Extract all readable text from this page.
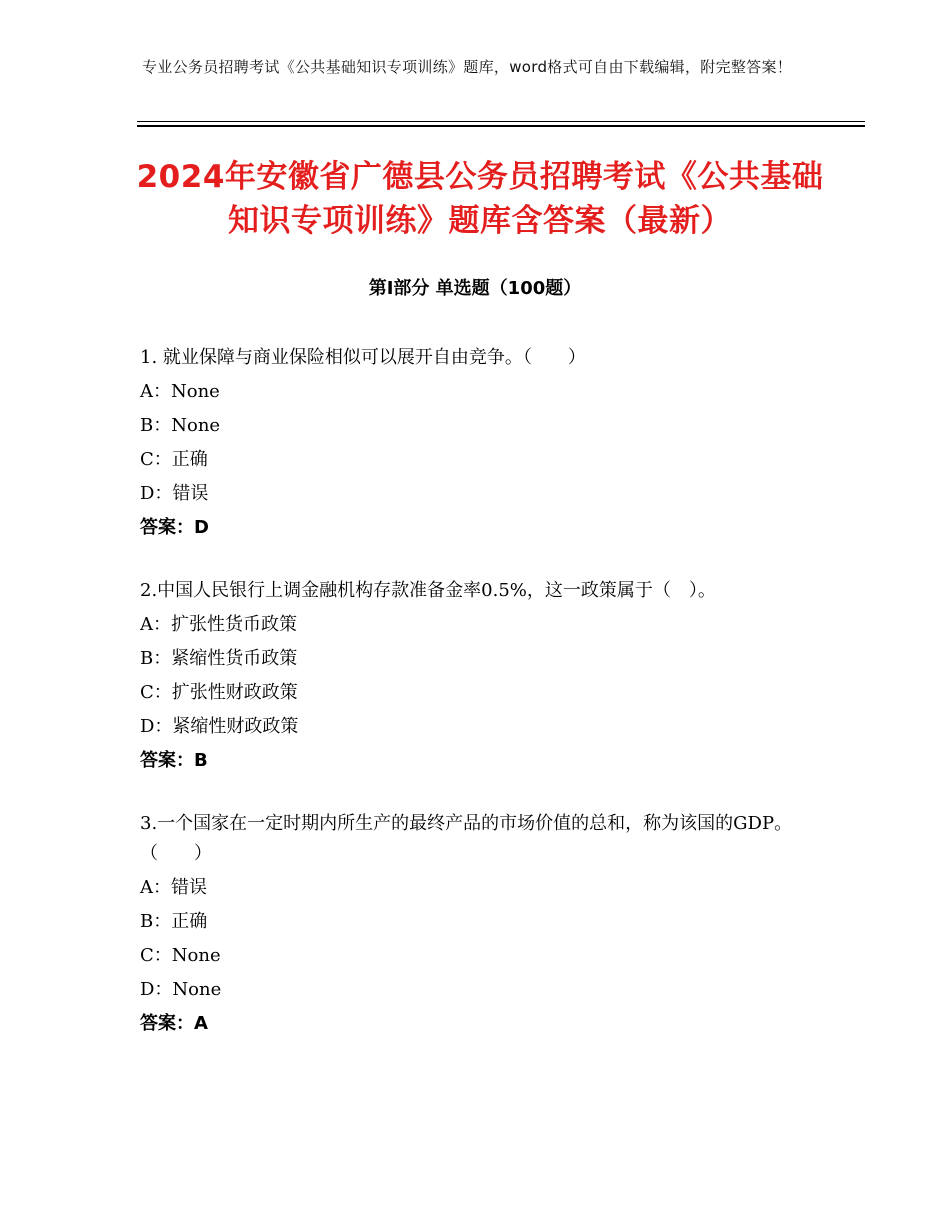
专业公务员招聘考试《公共基础知识专项训练》题库，word格式可自由下载编辑，附完整答案！
2024年安徽省广德县公务员招聘考试《公共基础知识专项训练》题库含答案（最新）
第Ⅰ部分 单选题（100题）
1. 就业保障与商业保险相似可以展开自由竞争。（　　）
A：None
B：None
C：正确
D：错误
答案：D
2.中国人民银行上调金融机构存款准备金率0.5%，这一政策属于（　）。
A：扩张性货币政策
B：紧缩性货币政策
C：扩张性财政政策
D：紧缩性财政政策
答案：B
3.一个国家在一定时期内所生产的最终产品的市场价值的总和，称为该国的GDP。（　　）
A：错误
B：正确
C：None
D：None
答案：A
